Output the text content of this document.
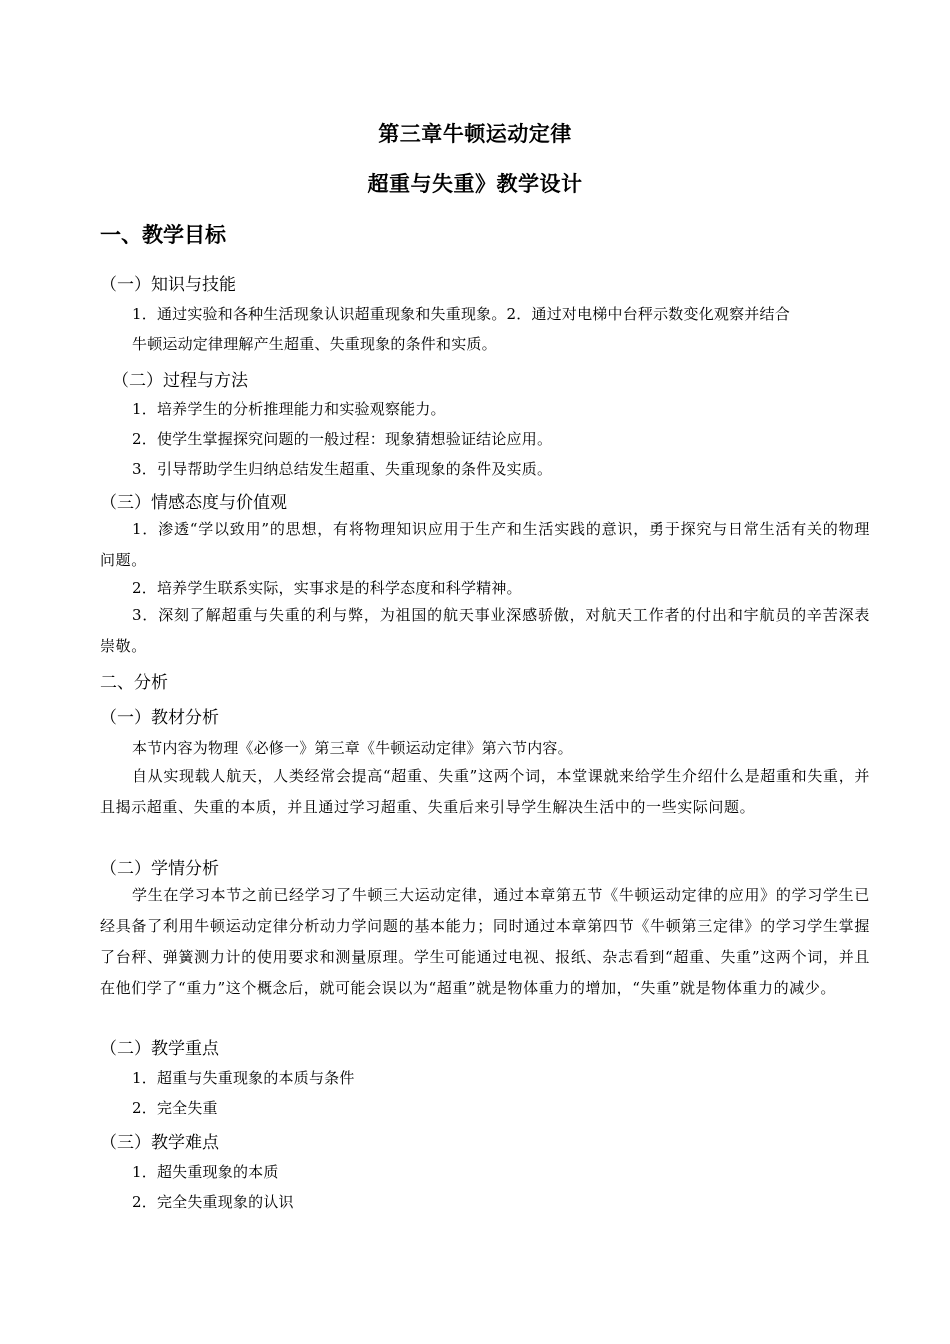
第三章牛顿运动定律
超重与失重》教学设计
一、教学目标
（一）知识与技能
1．通过实验和各种生活现象认识超重现象和失重现象。2．通过对电梯中台秤示数变化观察并结合
牛顿运动定律理解产生超重、失重现象的条件和实质。
（二）过程与方法
1．培养学生的分析推理能力和实验观察能力。
2．使学生掌握探究问题的一般过程：现象猜想验证结论应用。
3．引导帮助学生归纳总结发生超重、失重现象的条件及实质。
（三）情感态度与价值观
1．渗透“学以致用”的思想，有将物理知识应用于生产和生活实践的意识，勇于探究与日常生活有关的物理问题。
2．培养学生联系实际，实事求是的科学态度和科学精神。
3．深刻了解超重与失重的利与弊，为祖国的航天事业深感骄傲，对航天工作者的付出和宇航员的辛苦深表崇敬。
二、分析
（一）教材分析
本节内容为物理《必修一》第三章《牛顿运动定律》第六节内容。
自从实现载人航天，人类经常会提高“超重、失重”这两个词，本堂课就来给学生介绍什么是超重和失重，并且揭示超重、失重的本质，并且通过学习超重、失重后来引导学生解决生活中的一些实际问题。
（二）学情分析
学生在学习本节之前已经学习了牛顿三大运动定律，通过本章第五节《牛顿运动定律的应用》的学习学生已经具备了利用牛顿运动定律分析动力学问题的基本能力；同时通过本章第四节《牛顿第三定律》的学习学生掌握了台秤、弹簧测力计的使用要求和测量原理。学生可能通过电视、报纸、杂志看到“超重、失重”这两个词，并且在他们学了“重力”这个概念后，就可能会误以为“超重”就是物体重力的增加，“失重”就是物体重力的减少。
（二）教学重点
1．超重与失重现象的本质与条件
2．完全失重
（三）教学难点
1．超失重现象的本质
2．完全失重现象的认识
